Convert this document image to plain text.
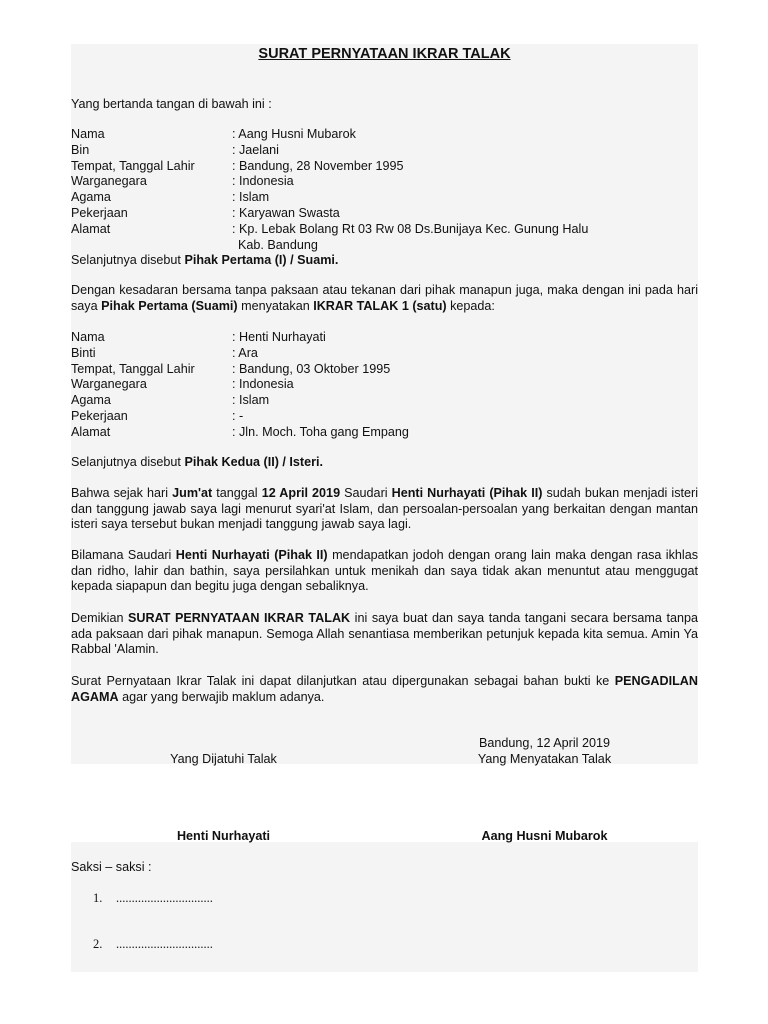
SURAT PERNYATAAN IKRAR TALAK

Yang bertanda tangan di bawah ini :

Nama	: Aang Husni Mubarok
Bin	: Jaelani
Tempat, Tanggal Lahir	: Bandung, 28 November 1995
Warganegara	: Indonesia
Agama	: Islam
Pekerjaan	: Karyawan Swasta
Alamat	: Kp. Lebak Bolang Rt 03 Rw 08 Ds.Bunijaya Kec. Gunung Halu
Kab. Bandung

Selanjutnya disebut Pihak Pertama (I) / Suami.

Dengan kesadaran bersama tanpa paksaan atau tekanan dari pihak manapun juga, maka dengan ini pada hari saya Pihak Pertama (Suami) menyatakan IKRAR TALAK 1 (satu) kepada:

Nama	: Henti Nurhayati
Binti	: Ara
Tempat, Tanggal Lahir	: Bandung, 03 Oktober 1995
Warganegara	: Indonesia
Agama	: Islam
Pekerjaan	: -
Alamat	: Jln. Moch. Toha gang Empang

Selanjutnya disebut Pihak Kedua (II) / Isteri.

Bahwa sejak hari Jum'at tanggal 12 April 2019 Saudari Henti Nurhayati (Pihak II) sudah bukan menjadi isteri dan tanggung jawab saya lagi menurut syari'at Islam, dan persoalan-persoalan yang berkaitan dengan mantan isteri saya tersebut bukan menjadi tanggung jawab saya lagi.

Bilamana Saudari Henti Nurhayati (Pihak II) mendapatkan jodoh dengan orang lain maka dengan rasa ikhlas dan ridho, lahir dan bathin, saya persilahkan untuk menikah dan saya tidak akan menuntut atau menggugat kepada siapapun dan begitu juga dengan sebaliknya.

Demikian SURAT PERNYATAAN IKRAR TALAK ini saya buat dan saya tanda tangani secara bersama tanpa ada paksaan dari pihak manapun. Semoga Allah senantiasa memberikan petunjuk kepada kita semua. Amin Ya Rabbal 'Alamin.

Surat Pernyataan Ikrar Talak ini dapat dilanjutkan atau dipergunakan sebagai bahan bukti ke PENGADILAN AGAMA agar yang berwajib maklum adanya.

Bandung, 12 April 2019
Yang Dijatuhi Talak	Yang Menyatakan Talak
Henti Nurhayati	Aang Husni Mubarok

Saksi – saksi :

1. ...............................
2. ...............................
